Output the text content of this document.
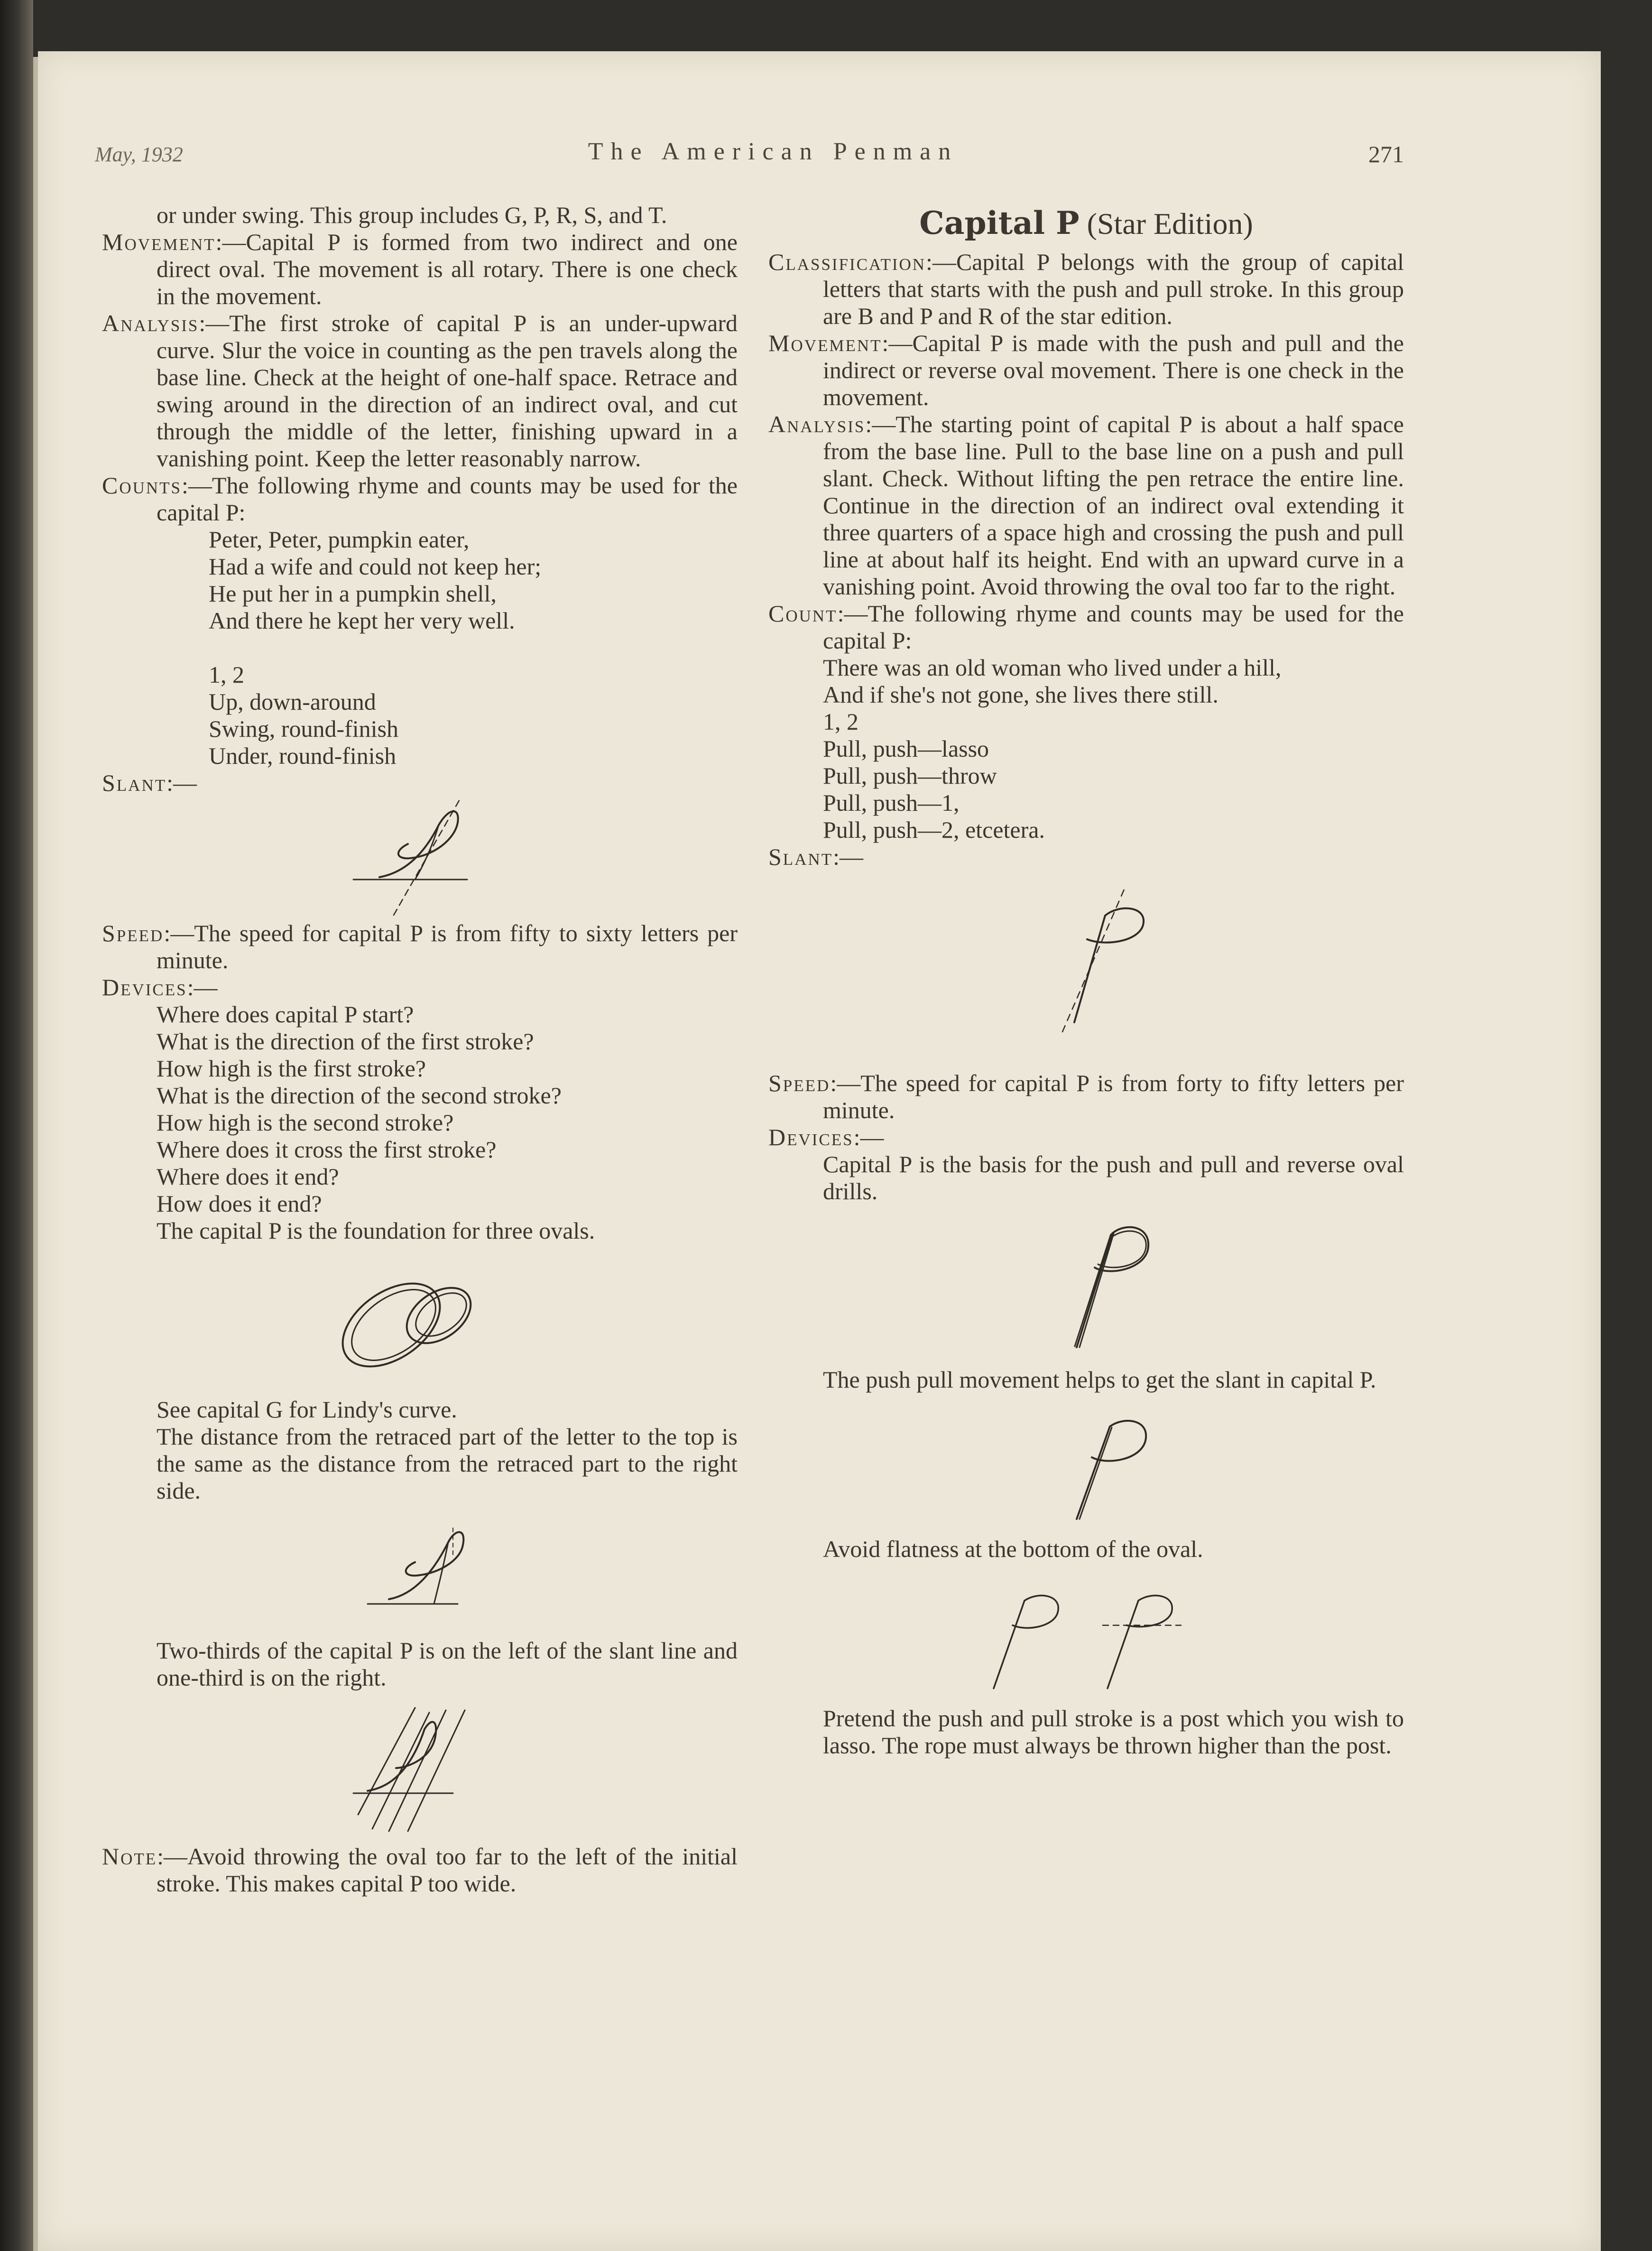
May, 1932	The American Penman	271

or under swing. This group includes G, P, R, S, and T.

Movement:—Capital P is formed from two indirect and one direct oval. The movement is all rotary. There is one check in the movement.

Analysis:—The first stroke of capital P is an under-upward curve. Slur the voice in counting as the pen travels along the base line. Check at the height of one-half space. Retrace and swing around in the direction of an indirect oval, and cut through the middle of the letter, finishing upward in a vanishing point. Keep the letter reasonably narrow.

Counts:—The following rhyme and counts may be used for the capital P:

Peter, Peter, pumpkin eater,

Had a wife and could not keep her;

He put her in a pumpkin shell,

And there he kept her very well.

1, 2

Up, down-around

Swing, round-finish

Under, round-finish

Slant:—

Speed:—The speed for capital P is from fifty to sixty letters per minute.

Devices:—

Where does capital P start?

What is the direction of the first stroke?

How high is the first stroke?

What is the direction of the second stroke?

How high is the second stroke?

Where does it cross the first stroke?

Where does it end?

How does it end?

The capital P is the foundation for three ovals.

See capital G for Lindy's curve.

The distance from the retraced part of the letter to the top is the same as the distance from the retraced part to the right side.

Two-thirds of the capital P is on the left of the slant line and one-third is on the right.

Note:—Avoid throwing the oval too far to the left of the initial stroke. This makes capital P too wide.

Capital P (Star Edition)

Classification:—Capital P belongs with the group of capital letters that starts with the push and pull stroke. In this group are B and P and R of the star edition.

Movement:—Capital P is made with the push and pull and the indirect or reverse oval movement. There is one check in the movement.

Analysis:—The starting point of capital P is about a half space from the base line. Pull to the base line on a push and pull slant. Check. Without lifting the pen retrace the entire line. Continue in the direction of an indirect oval extending it three quarters of a space high and crossing the push and pull line at about half its height. End with an upward curve in a vanishing point. Avoid throwing the oval too far to the right.

Count:—The following rhyme and counts may be used for the capital P:

There was an old woman who lived under a hill,

And if she's not gone, she lives there still.

1, 2

Pull, push—lasso

Pull, push—throw

Pull, push—1,

Pull, push—2, etcetera.

Slant:—

Speed:—The speed for capital P is from forty to fifty letters per minute.

Devices:—

Capital P is the basis for the push and pull and reverse oval drills.

The push pull movement helps to get the slant in capital P.

Avoid flatness at the bottom of the oval.

Pretend the push and pull stroke is a post which you wish to lasso. The rope must always be thrown higher than the post.
